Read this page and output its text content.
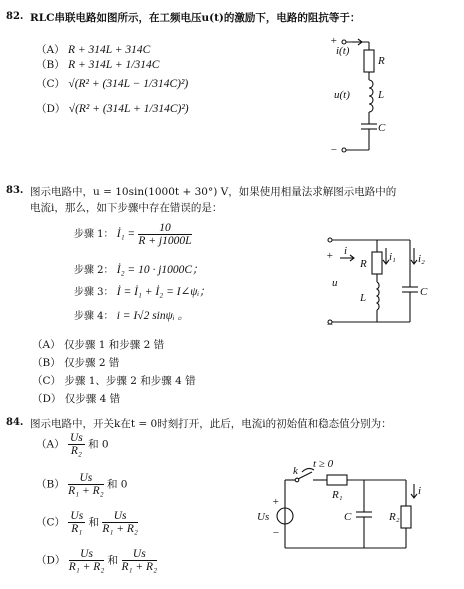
82. RLC串联电路如图所示，在工频电压u(t)的激励下，电路的阻抗等于：
（A） R + 314L + 314C
（B） R + 314L + 1/314C
（C） √(R² + (314L − 1/314C)²)
（D） √(R² + (314L + 1/314C)²)
+
−
i(t)
u(t)
R
L
C
83. 图示电路中，u = 10sin(1000t + 30°) V，如果使用相量法求解图示电路中的
电流i，那么，如下步骤中存在错误的是：
步骤 1： İ₁ = $\frac{10}{R + j1000L}$
步骤 2： İ₂ = 10 · j1000C；
步骤 3： İ = İ₁ + İ₂ = I∠ψᵢ；
步骤 4： i = I√2 sinψᵢ 。
（A） 仅步骤 1 和步骤 2 错
（B） 仅步骤 2 错
（C） 步骤 1、步骤 2 和步骤 4 错
（D） 仅步骤 4 错
+
−
i	i₁ i₂
u
R
L	C
84. 图示电路中，开关k在t = 0时刻打开，此后，电流i的初始值和稳态值分别为：
$(A) \frac{Us}{\text{R₂}}$ 和 0
$(B) \frac{Us}{\text{R₁ + R₂}}$ 和 0
$(C) \frac{Us}{\text{R₁}}$ 和 $\frac{Us}{\text{R₁ + R₂}}$
$(D) \frac{Us}{\text{R₁ + R₂}}$ 和 $\frac{Us}{\text{R₁ + R₂}}$
k
t ≥ 0
Us
+
−
R₁
C	R₂
i
